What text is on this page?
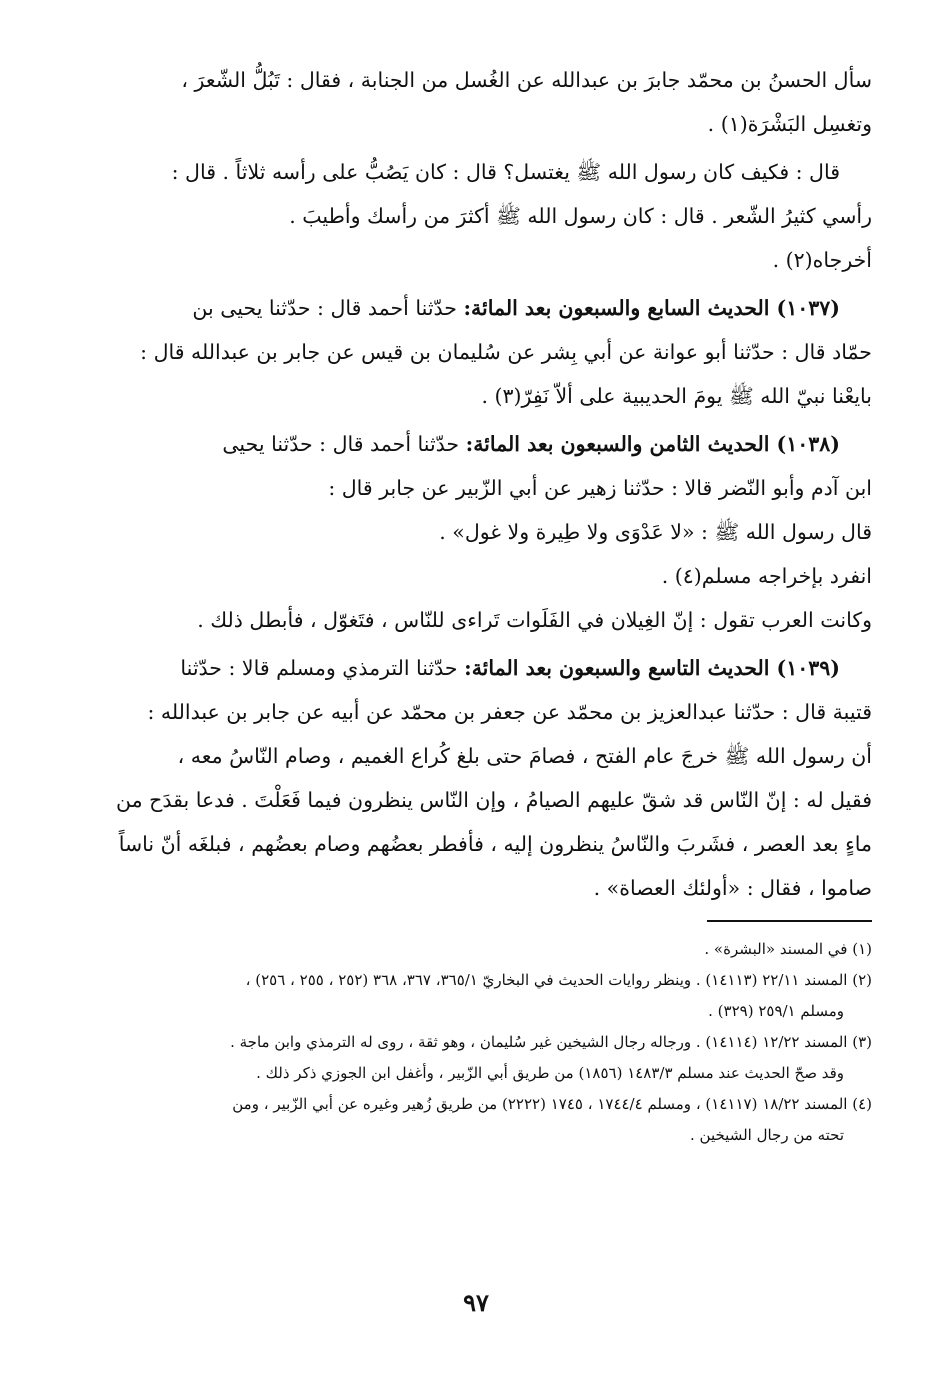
سأل الحسنُ بن محمّد جابرَ بن عبدالله عن الغُسل من الجنابة ، فقال : تَبُلُّ الشّعرَ ،
وتغسِل البَشْرَة(١) .

قال : فكيف كان رسول الله ﷺ يغتسل؟ قال : كان يَصُبُّ على رأسه ثلاثاً . قال :
رأسي كثيرُ الشّعر . قال : كان رسول الله ﷺ أكثرَ من رأسك وأطيبَ .
أخرجاه(٢) .

(١٠٣٧) الحديث السابع والسبعون بعد المائة: حدّثنا أحمد قال : حدّثنا يحيى بن
حمّاد قال : حدّثنا أبو عوانة عن أبي بِشر عن سُليمان بن قيس عن جابر بن عبدالله قال :
بايعْنا نبيّ الله ﷺ يومَ الحديبية على ألاّ نَفِرّ(٣) .

(١٠٣٨) الحديث الثامن والسبعون بعد المائة: حدّثنا أحمد قال : حدّثنا يحيى
ابن آدم وأبو النّضر قالا : حدّثنا زهير عن أبي الزّبير عن جابر قال :
قال رسول الله ﷺ : «لا عَدْوَى ولا طِيرة ولا غول» .
انفرد بإخراجه مسلم(٤) .
وكانت العرب تقول : إنّ الغِيلان في الفَلَوات تَراءى للنّاس ، فتَغوّل ، فأبطل ذلك .

(١٠٣٩) الحديث التاسع والسبعون بعد المائة: حدّثنا الترمذي ومسلم قالا : حدّثنا
قتيبة قال : حدّثنا عبدالعزيز بن محمّد عن جعفر بن محمّد عن أبيه عن جابر بن عبدالله :
أن رسول الله ﷺ خرجَ عام الفتح ، فصامَ حتى بلغ كُراع الغميم ، وصام النّاسُ معه ،
فقيل له : إنّ النّاس قد شقّ عليهم الصيامُ ، وإن النّاس ينظرون فيما فَعَلْتَ . فدعا بقدَح من
ماءٍ بعد العصر ، فشَربَ والنّاسُ ينظرون إليه ، فأفطر بعضُهم وصام بعضُهم ، فبلغَه أنّ ناساً
صاموا ، فقال : «أولئك العصاة» .

(١) في المسند «البشرة» .

(٢) المسند ٢٢/١١ (١٤١١٣) . وينظر روايات الحديث في البخاريّ ٣٦٥/١، ٣٦٧، ٣٦٨ (٢٥٢ ، ٢٥٥ ، ٢٥٦) ،
ومسلم ٢٥٩/١ (٣٢٩) .

(٣) المسند ١٢/٢٢ (١٤١١٤) . ورجاله رجال الشيخين غير سُليمان ، وهو ثقة ، روى له الترمذي وابن ماجة .
وقد صحّ الحديث عند مسلم ١٤٨٣/٣ (١٨٥٦) من طريق أبي الزّبير ، وأغفل ابن الجوزي ذكر ذلك .

(٤) المسند ١٨/٢٢ (١٤١١٧) ، ومسلم ١٧٤٤/٤ ، ١٧٤٥ (٢٢٢٢) من طريق زُهير وغيره عن أبي الزّبير ، ومن
تحته من رجال الشيخين .

٩٧
